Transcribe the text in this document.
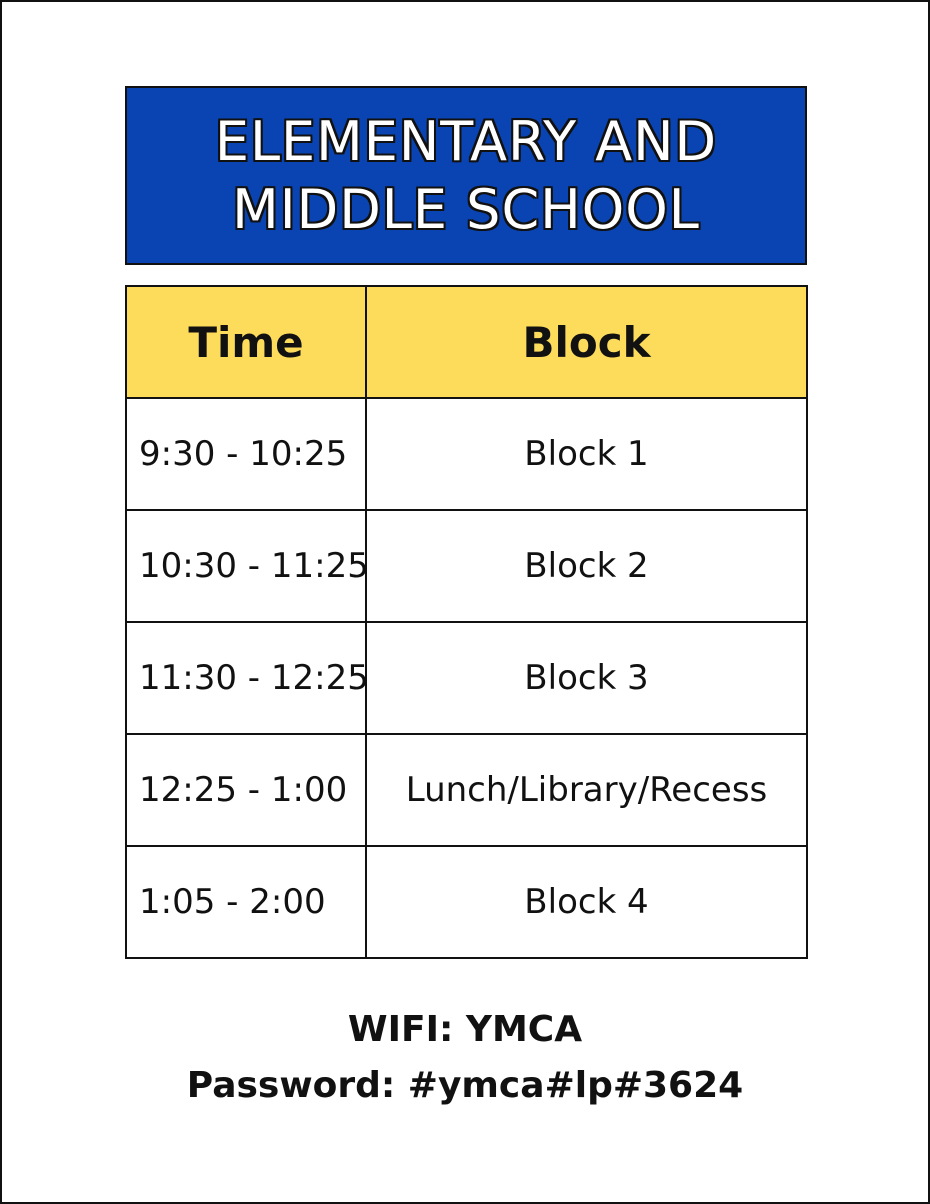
ELEMENTARY AND
MIDDLE SCHOOL
Time	Block
9:30 - 10:25	Block 1
10:30 - 11:25	Block 2
11:30 - 12:25	Block 3
12:25 - 1:00	Lunch/Library/Recess
1:05 - 2:00	Block 4
WIFI: YMCA
Password: #ymca#lp#3624
